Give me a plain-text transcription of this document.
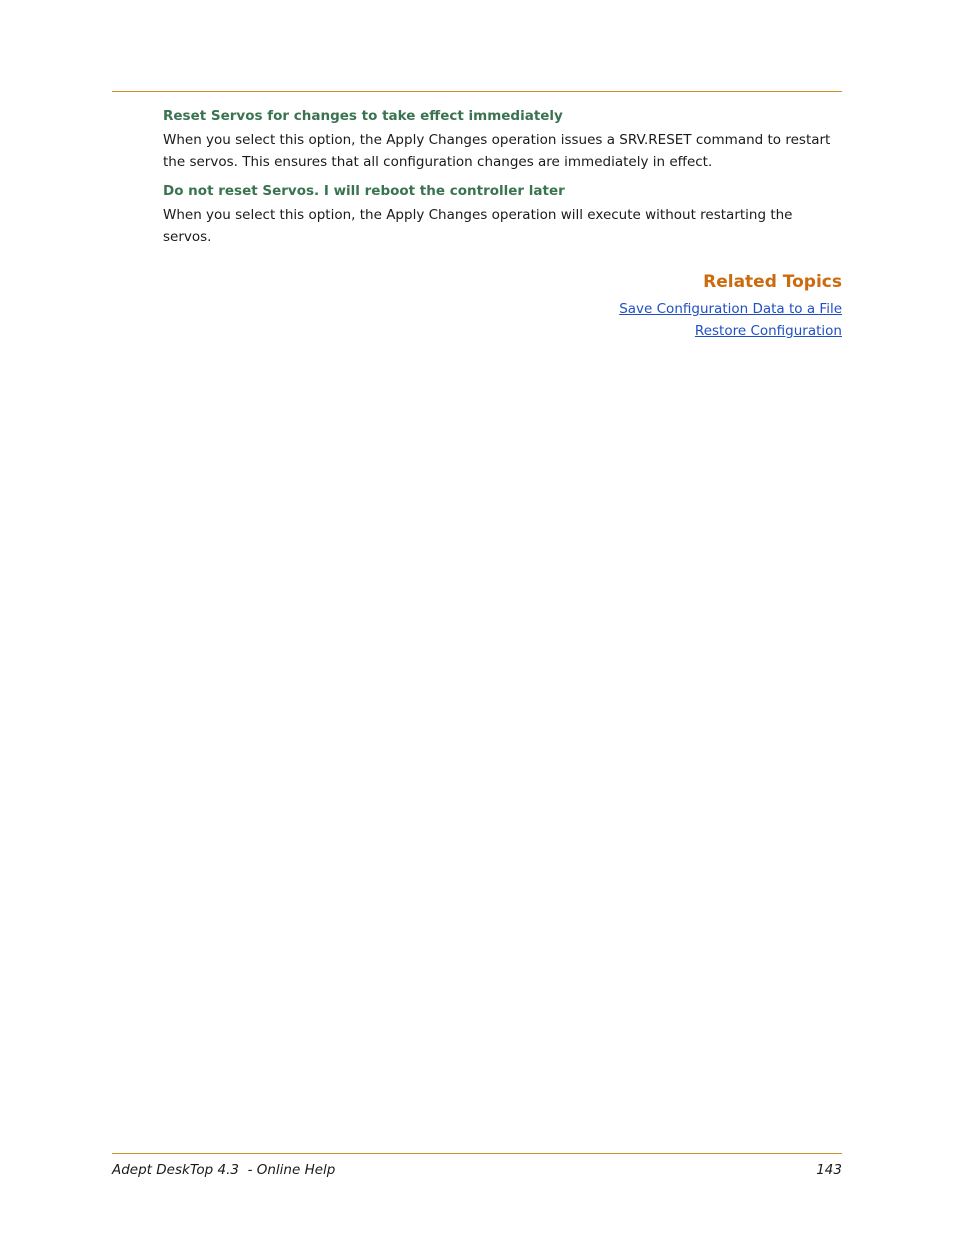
Reset Servos for changes to take effect immediately
When you select this option, the Apply Changes operation issues a SRV.RESET command to restart the servos. This ensures that all configuration changes are immediately in effect.
Do not reset Servos. I will reboot the controller later
When you select this option, the Apply Changes operation will execute without restarting the servos.
Related Topics
Save Configuration Data to a File
Restore Configuration
Adept DeskTop 4.3  - Online Help	143
